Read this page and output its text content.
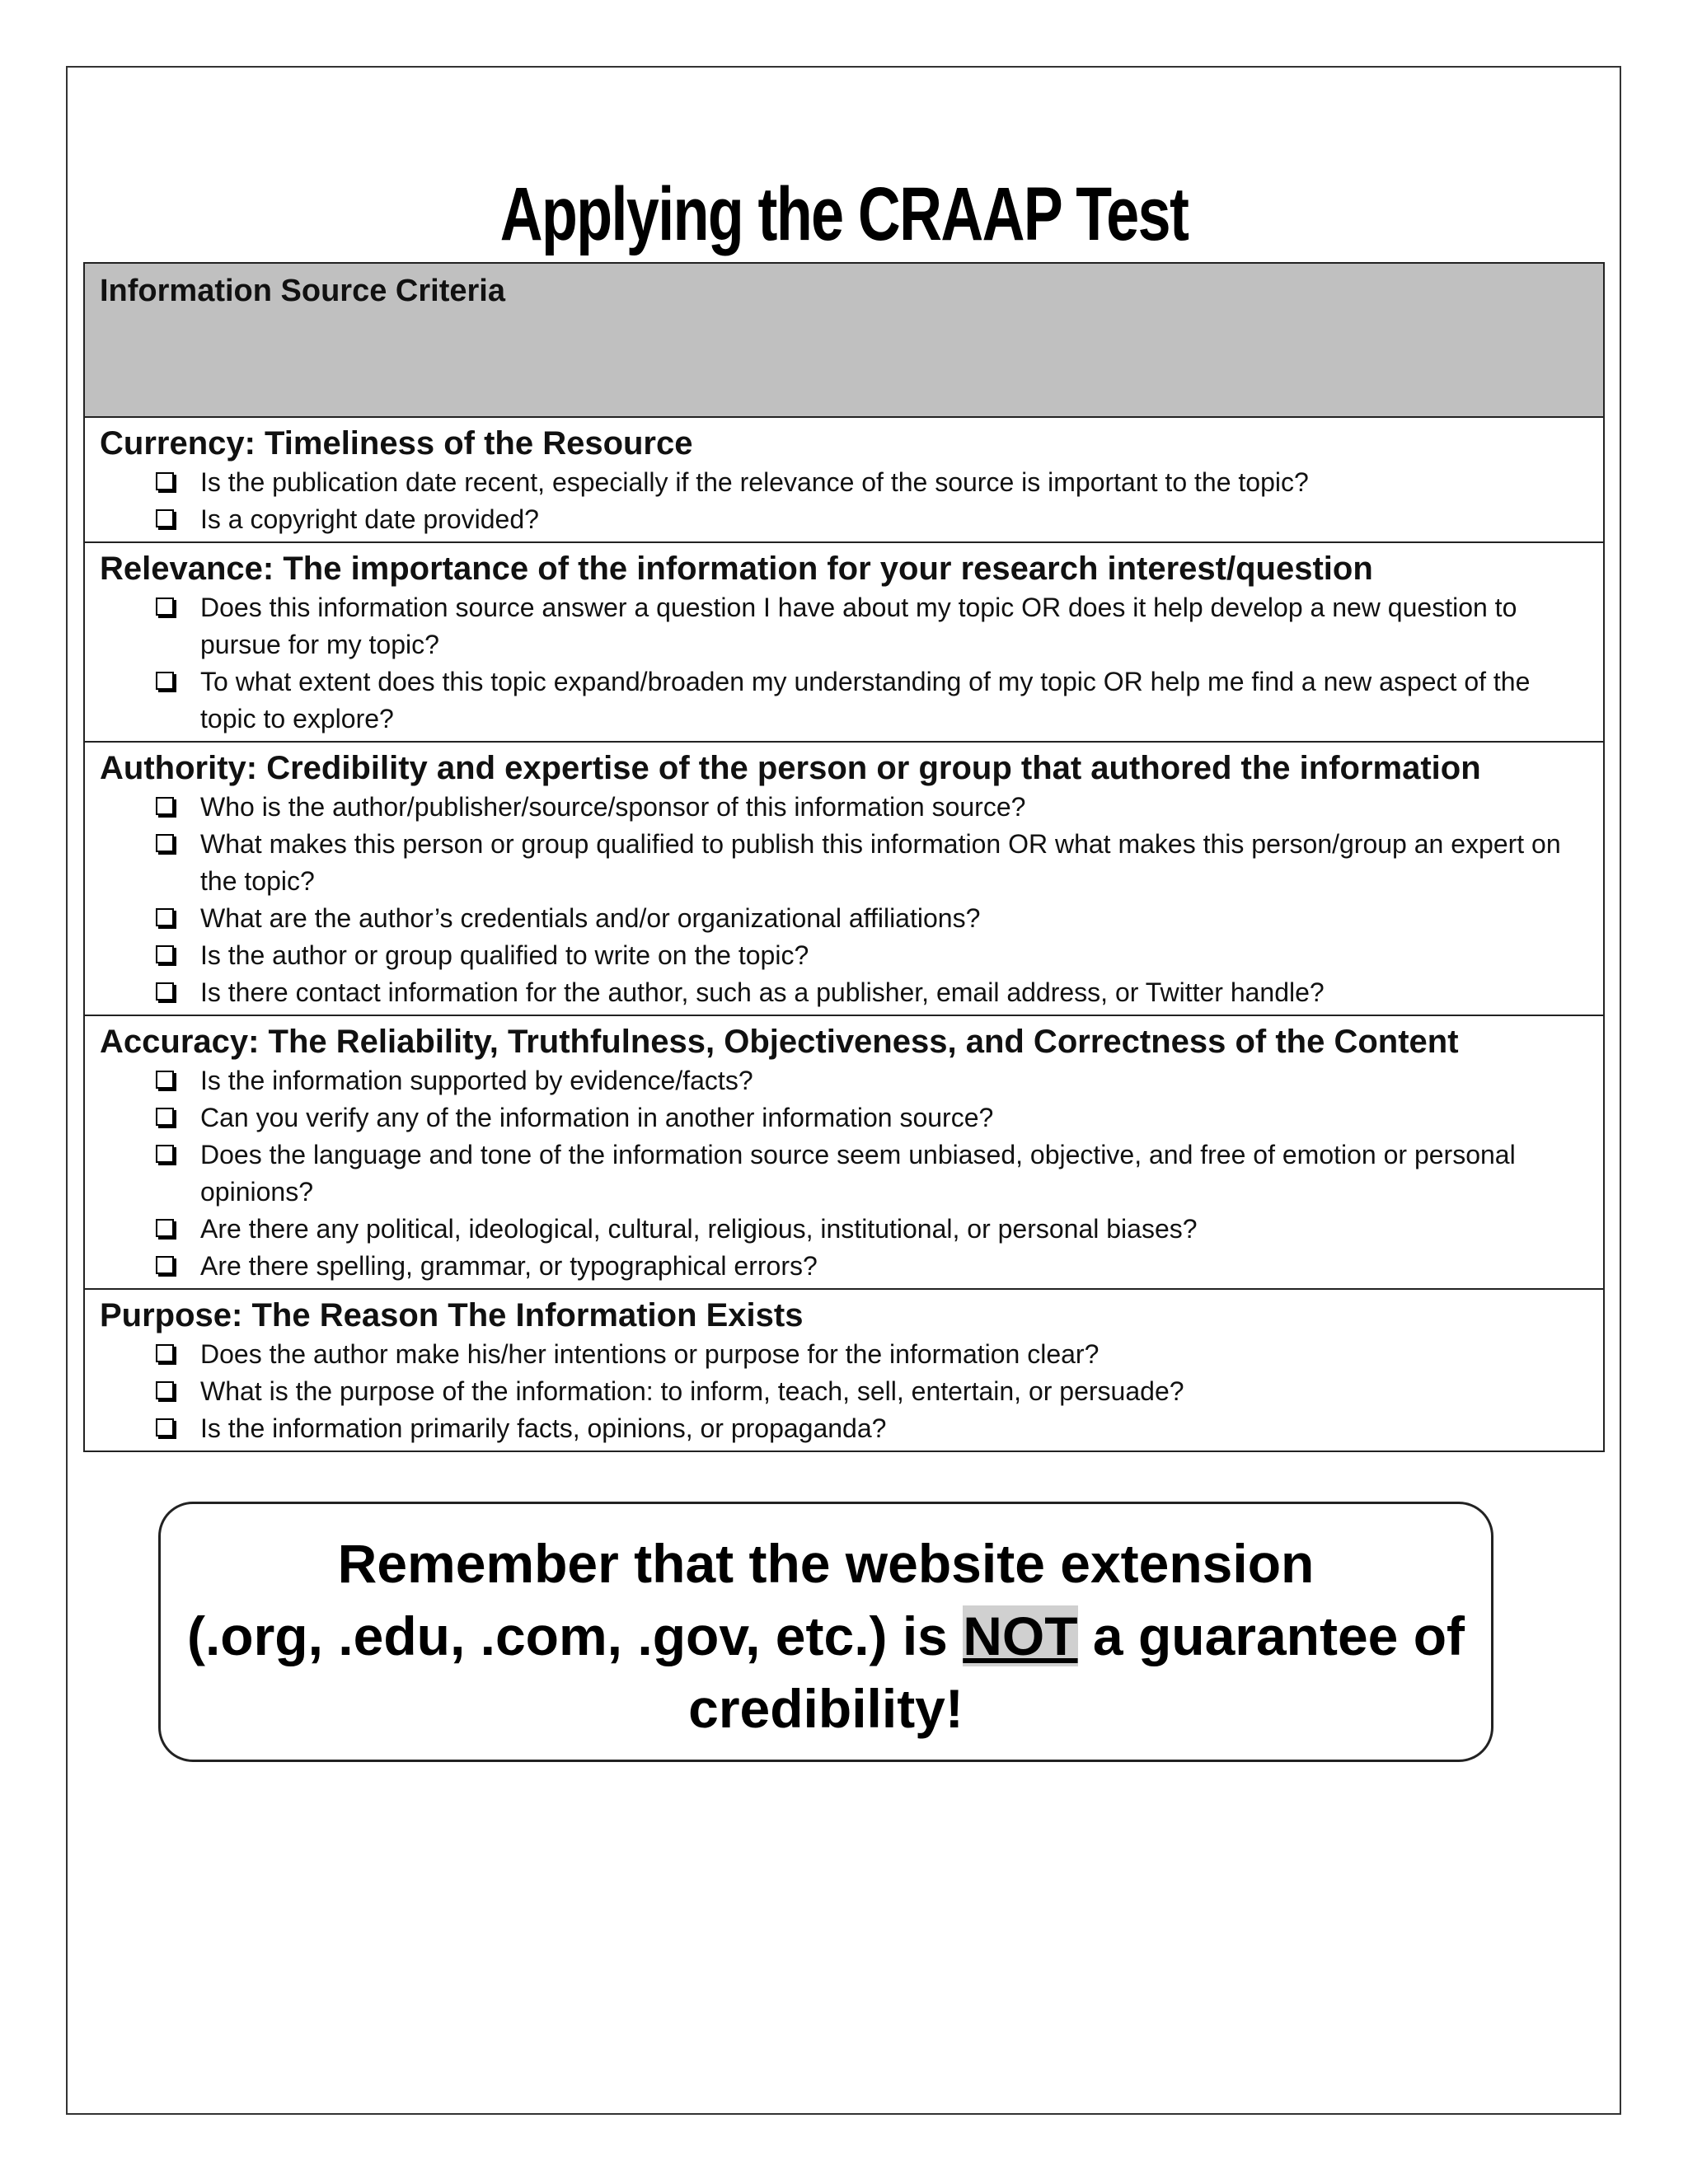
Applying the CRAAP Test
Information Source Criteria
Currency: Timeliness of the Resource
Is the publication date recent, especially if the relevance of the source is important to the topic?
Is a copyright date provided?
Relevance: The importance of the information for your research interest/question
Does this information source answer a question I have about my topic OR does it help develop a new question to pursue for my topic?
To what extent does this topic expand/broaden my understanding of my topic OR help me find a new aspect of the topic to explore?
Authority: Credibility and expertise of the person or group that authored the information
Who is the author/publisher/source/sponsor of this information source?
What makes this person or group qualified to publish this information OR what makes this person/group an expert on the topic?
What are the author’s credentials and/or organizational affiliations?
Is the author or group qualified to write on the topic?
Is there contact information for the author, such as a publisher, email address, or Twitter handle?
Accuracy: The Reliability, Truthfulness, Objectiveness, and Correctness of the Content
Is the information supported by evidence/facts?
Can you verify any of the information in another information source?
Does the language and tone of the information source seem unbiased, objective, and free of emotion or personal opinions?
Are there any political, ideological, cultural, religious, institutional, or personal biases?
Are there spelling, grammar, or typographical errors?
Purpose: The Reason The Information Exists
Does the author make his/her intentions or purpose for the information clear?
What is the purpose of the information: to inform, teach, sell, entertain, or persuade?
Is the information primarily facts, opinions, or propaganda?
Remember that the website extension
(.org, .edu, .com, .gov, etc.) is NOT a guarantee of
credibility!
